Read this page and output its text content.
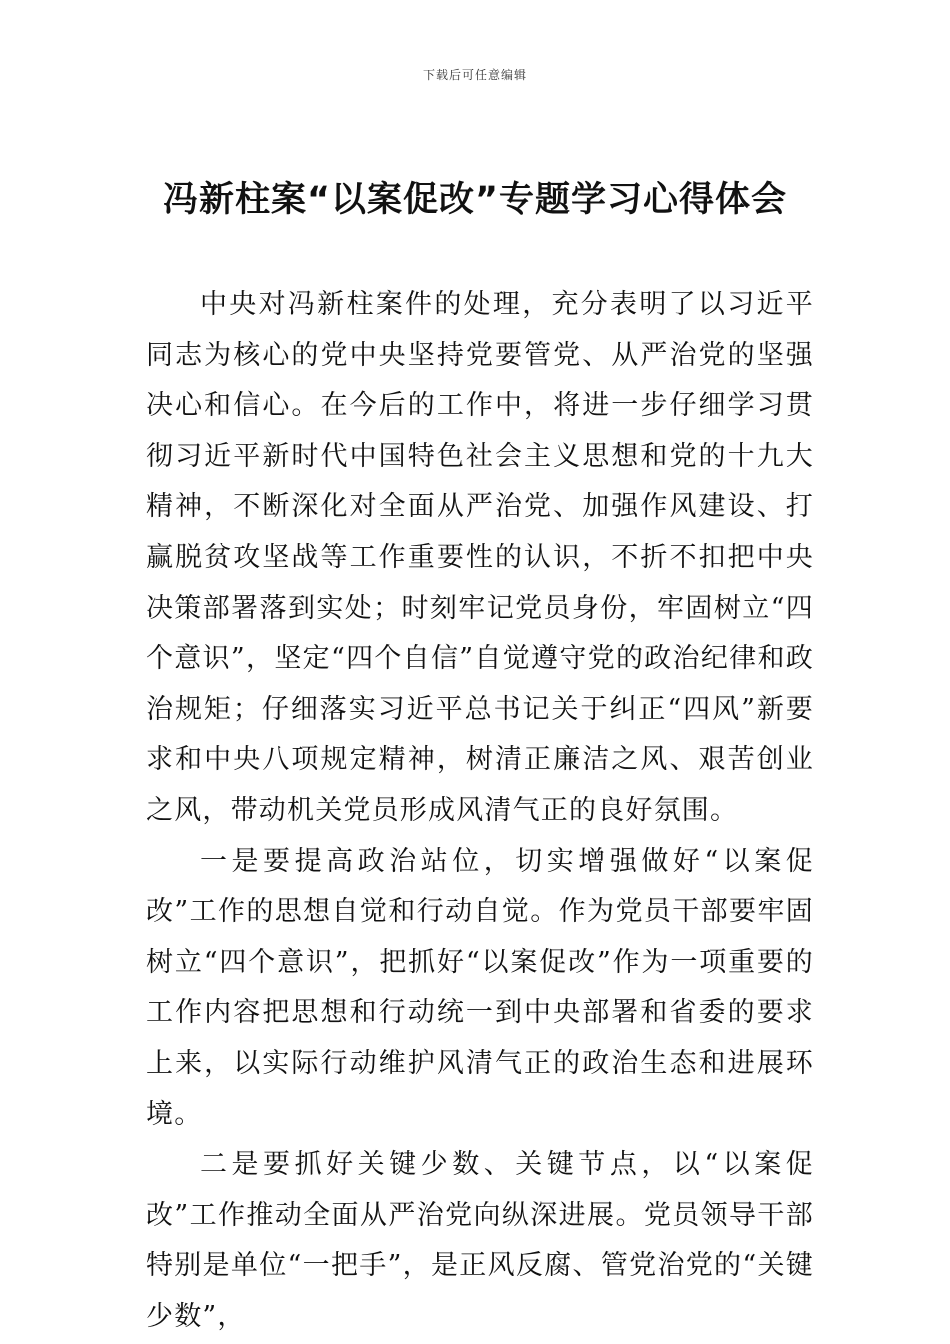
下载后可任意编辑
冯新柱案“以案促改”专题学习心得体会

中央对冯新柱案件的处理，充分表明了以习近平同志为核心的党中央坚持党要管党、从严治党的坚强决心和信心。在今后的工作中，将进一步仔细学习贯彻习近平新时代中国特色社会主义思想和党的十九大精神，不断深化对全面从严治党、加强作风建设、打赢脱贫攻坚战等工作重要性的认识，不折不扣把中央决策部署落到实处；时刻牢记党员身份，牢固树立“四个意识”，坚定“四个自信”自觉遵守党的政治纪律和政治规矩；仔细落实习近平总书记关于纠正“四风”新要求和中央八项规定精神，树清正廉洁之风、艰苦创业之风，带动机关党员形成风清气正的良好氛围。

一是要提高政治站位，切实增强做好“以案促改”工作的思想自觉和行动自觉。作为党员干部要牢固树立“四个意识”，把抓好“以案促改”作为一项重要的工作内容把思想和行动统一到中央部署和省委的要求上来，以实际行动维护风清气正的政治生态和进展环境。

二是要抓好关键少数、关键节点，以“以案促改”工作推动全面从严治党向纵深进展。党员领导干部特别是单位“一把手”，是正风反腐、管党治党的“关键少数”，
